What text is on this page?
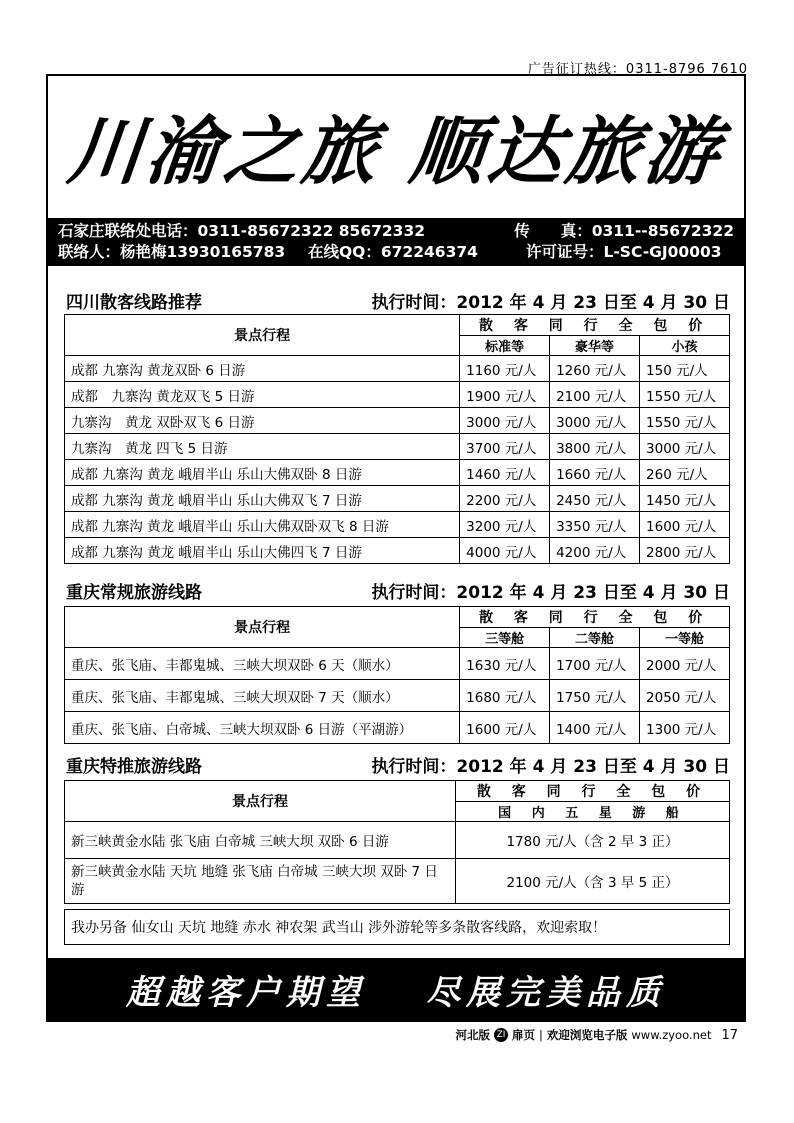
广告征订热线：0311-8796 7610
川渝之旅 顺达旅游
石家庄联络处电话：0311-85672322 85672332	传　　真：0311--85672322
联络人：杨艳梅13930165783	在线QQ：672246374	许可证号：L-SC-GJ00003
四川散客线路推荐	执行时间：2012 年 4 月 23 日至 4 月 30 日
景点行程	散 客 同 行 全 包 价		
	标准等	豪华等	小孩
成都 九寨沟 黄龙双卧 6 日游	1160 元/人	1260 元/人	150 元/人
成都　九寨沟 黄龙双飞 5 日游	1900 元/人	2100 元/人	1550 元/人
九寨沟　黄龙 双卧双飞 6 日游	3000 元/人	3000 元/人	1550 元/人
九寨沟　黄龙 四飞 5 日游	3700 元/人	3800 元/人	3000 元/人
成都 九寨沟 黄龙 峨眉半山 乐山大佛双卧 8 日游	1460 元/人	1660 元/人	260 元/人
成都 九寨沟 黄龙 峨眉半山 乐山大佛双飞 7 日游	2200 元/人	2450 元/人	1450 元/人
成都 九寨沟 黄龙 峨眉半山 乐山大佛双卧双飞 8 日游	3200 元/人	3350 元/人	1600 元/人
成都 九寨沟 黄龙 峨眉半山 乐山大佛四飞 7 日游	4000 元/人	4200 元/人	2800 元/人
重庆常规旅游线路	执行时间：2012 年 4 月 23 日至 4 月 30 日
景点行程	散 客 同 行 全 包 价		
	三等舱	二等舱	一等舱
重庆、张飞庙、丰都鬼城、三峡大坝双卧 6 天（顺水）	1630 元/人	1700 元/人	2000 元/人
重庆、张飞庙、丰都鬼城、三峡大坝双卧 7 天（顺水）	1680 元/人	1750 元/人	2050 元/人
重庆、张飞庙、白帝城、三峡大坝双卧 6 日游（平湖游）	1600 元/人	1400 元/人	1300 元/人
重庆特推旅游线路	执行时间：2012 年 4 月 23 日至 4 月 30 日
景点行程	散 客 同 行 全 包 价
	国 内 五 星 游 船
新三峡黄金水陆 张飞庙 白帝城 三峡大坝 双卧 6 日游	1780 元/人（含 2 早 3 正）
新三峡黄金水陆 天坑 地缝 张飞庙 白帝城 三峡大坝 双卧 7 日游	2100 元/人（含 3 早 5 正）
我办另备 仙女山 天坑 地缝 赤水 神农架 武当山 涉外游轮等多条散客线路，欢迎索取！
超越客户期望 尽展完美品质
河北版 ZI 扉页 | 欢迎浏览电子版 www.zyoo.net 17
